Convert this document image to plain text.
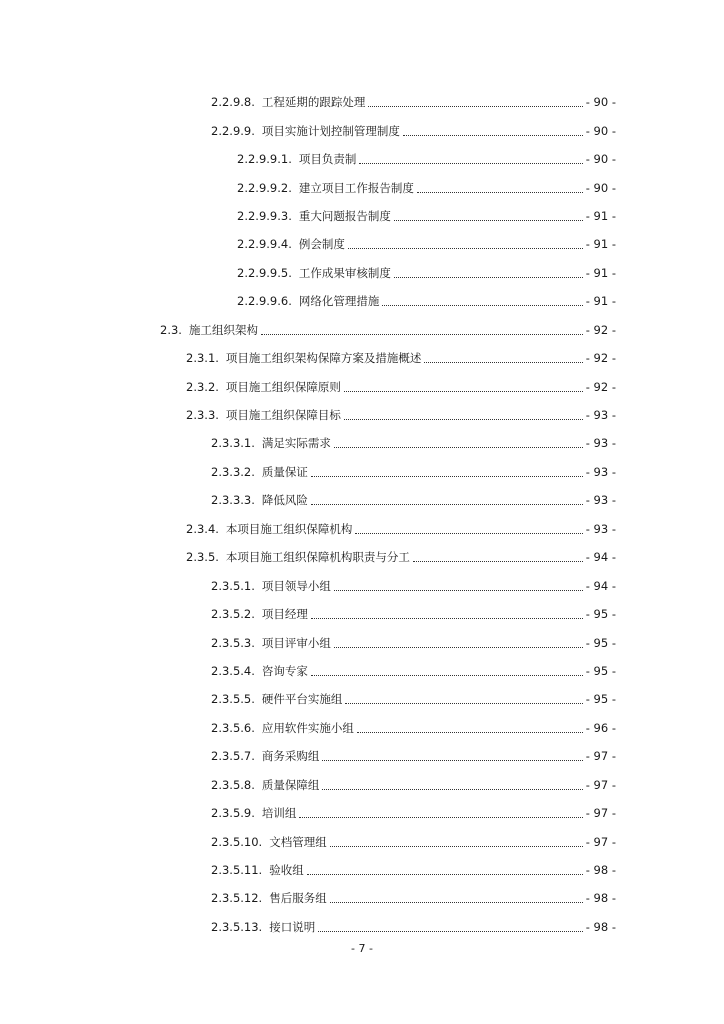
2.2.9.8. 工程延期的跟踪处理	- 90 -
2.2.9.9. 项目实施计划控制管理制度	- 90 -
2.2.9.9.1. 项目负责制	- 90 -
2.2.9.9.2. 建立项目工作报告制度	- 90 -
2.2.9.9.3. 重大问题报告制度	- 91 -
2.2.9.9.4. 例会制度	- 91 -
2.2.9.9.5. 工作成果审核制度	- 91 -
2.2.9.9.6. 网络化管理措施	- 91 -
2.3. 施工组织架构	- 92 -
2.3.1. 项目施工组织架构保障方案及措施概述	- 92 -
2.3.2. 项目施工组织保障原则	- 92 -
2.3.3. 项目施工组织保障目标	- 93 -
2.3.3.1. 满足实际需求	- 93 -
2.3.3.2. 质量保证	- 93 -
2.3.3.3. 降低风险	- 93 -
2.3.4. 本项目施工组织保障机构	- 93 -
2.3.5. 本项目施工组织保障机构职责与分工	- 94 -
2.3.5.1. 项目领导小组	- 94 -
2.3.5.2. 项目经理	- 95 -
2.3.5.3. 项目评审小组	- 95 -
2.3.5.4. 咨询专家	- 95 -
2.3.5.5. 硬件平台实施组	- 95 -
2.3.5.6. 应用软件实施小组	- 96 -
2.3.5.7. 商务采购组	- 97 -
2.3.5.8. 质量保障组	- 97 -
2.3.5.9. 培训组	- 97 -
2.3.5.10. 文档管理组	- 97 -
2.3.5.11. 验收组	- 98 -
2.3.5.12. 售后服务组	- 98 -
2.3.5.13. 接口说明	- 98 -
- 7 -
